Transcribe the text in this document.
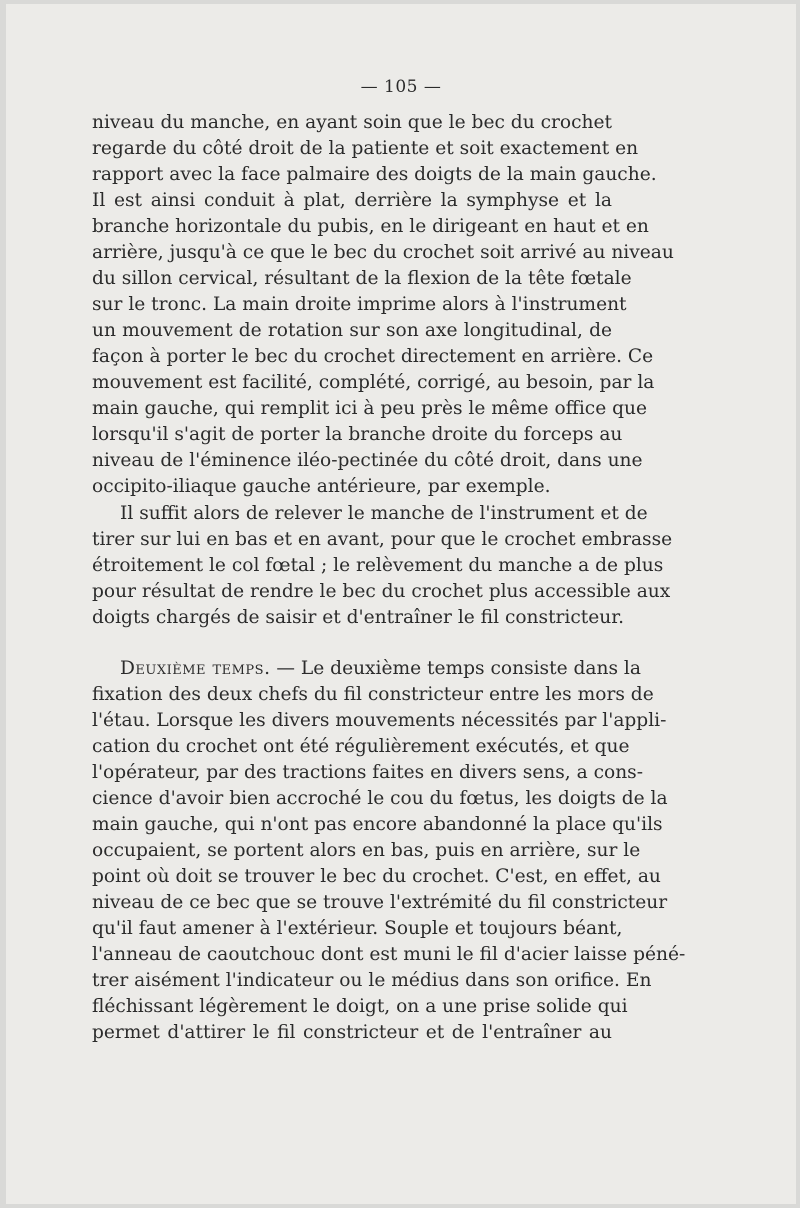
— 105 —
niveau du manche, en ayant soin que le bec du crochet
regarde du côté droit de la patiente et soit exactement en
rapport avec la face palmaire des doigts de la main gauche.
Il est ainsi conduit à plat, derrière la symphyse et la
branche horizontale du pubis, en le dirigeant en haut et en
arrière, jusqu'à ce que le bec du crochet soit arrivé au niveau
du sillon cervical, résultant de la flexion de la tête fœtale
sur le tronc. La main droite imprime alors à l'instrument
un mouvement de rotation sur son axe longitudinal, de
façon à porter le bec du crochet directement en arrière. Ce
mouvement est facilité, complété, corrigé, au besoin, par la
main gauche, qui remplit ici à peu près le même office que
lorsqu'il s'agit de porter la branche droite du forceps au
niveau de l'éminence iléo-pectinée du côté droit, dans une
occipito-iliaque gauche antérieure, par exemple.
Il suffit alors de relever le manche de l'instrument et de
tirer sur lui en bas et en avant, pour que le crochet embrasse
étroitement le col fœtal ; le relèvement du manche a de plus
pour résultat de rendre le bec du crochet plus accessible aux
doigts chargés de saisir et d'entraîner le fil constricteur.
Deuxième temps. — Le deuxième temps consiste dans la
fixation des deux chefs du fil constricteur entre les mors de
l'étau. Lorsque les divers mouvements nécessités par l'appli-
cation du crochet ont été régulièrement exécutés, et que
l'opérateur, par des tractions faites en divers sens, a cons-
cience d'avoir bien accroché le cou du fœtus, les doigts de la
main gauche, qui n'ont pas encore abandonné la place qu'ils
occupaient, se portent alors en bas, puis en arrière, sur le
point où doit se trouver le bec du crochet. C'est, en effet, au
niveau de ce bec que se trouve l'extrémité du fil constricteur
qu'il faut amener à l'extérieur. Souple et toujours béant,
l'anneau de caoutchouc dont est muni le fil d'acier laisse péné-
trer aisément l'indicateur ou le médius dans son orifice. En
fléchissant légèrement le doigt, on a une prise solide qui
permet d'attirer le fil constricteur et de l'entraîner au
